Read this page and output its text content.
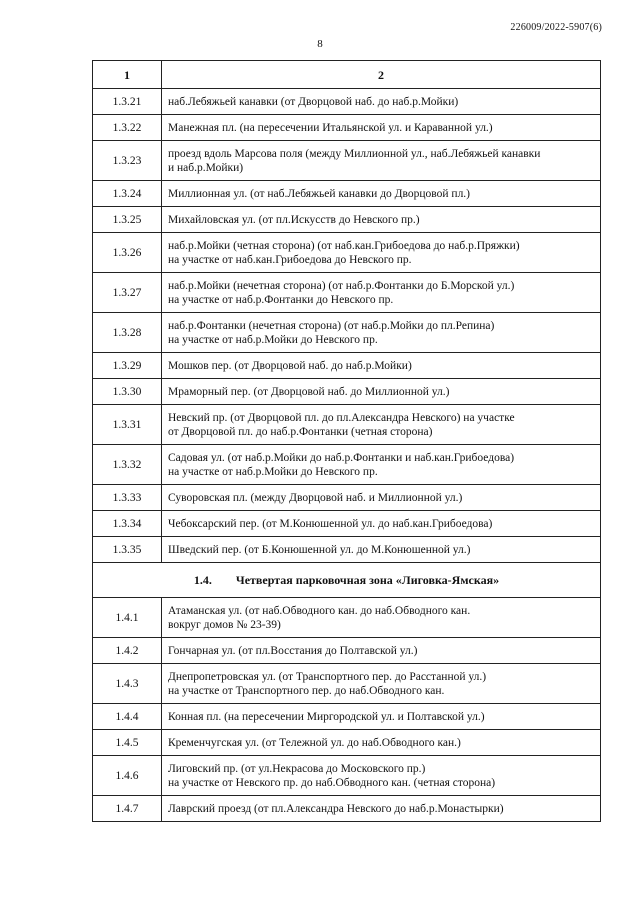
226009/2022-5907(6)
8
1	2
1.3.21	наб.Лебяжьей канавки (от Дворцовой наб. до наб.р.Мойки)

1.3.22	Манежная пл. (на пересечении Итальянской ул. и Караванной ул.)

1.3.23	проезд вдоль Марсова поля (между Миллионной ул., наб.Лебяжьей канавки
и наб.р.Мойки)

1.3.24	Миллионная ул. (от наб.Лебяжьей канавки до Дворцовой пл.)

1.3.25	Михайловская ул. (от пл.Искусств до Невского пр.)

1.3.26	наб.р.Мойки (четная сторона) (от наб.кан.Грибоедова до наб.р.Пряжки)
на участке от наб.кан.Грибоедова до Невского пр.

1.3.27	наб.р.Мойки (нечетная сторона) (от наб.р.Фонтанки до Б.Морской ул.)
на участке от наб.р.Фонтанки до Невского пр.

1.3.28	наб.р.Фонтанки (нечетная сторона) (от наб.р.Мойки до пл.Репина)
на участке от наб.р.Мойки до Невского пр.

1.3.29	Мошков пер. (от Дворцовой наб. до наб.р.Мойки)

1.3.30	Мраморный пер. (от Дворцовой наб. до Миллионной ул.)

1.3.31	Невский пр. (от Дворцовой пл. до пл.Александра Невского) на участке
от Дворцовой пл. до наб.р.Фонтанки (четная сторона)

1.3.32	Садовая ул. (от наб.р.Мойки до наб.р.Фонтанки и наб.кан.Грибоедова)
на участке от наб.р.Мойки до Невского пр.

1.3.33	Суворовская пл. (между Дворцовой наб. и Миллионной ул.)

1.3.34	Чебоксарский пер. (от М.Конюшенной ул. до наб.кан.Грибоедова)

1.3.35	Шведский пер. (от Б.Конюшенной ул. до М.Конюшенной ул.)

1.4. Четвертая парковочная зона «Лиговка-Ямская»	
1.4.1	Атаманская ул. (от наб.Обводного кан. до наб.Обводного кан.
вокруг домов № 23-39)

1.4.2	Гончарная ул. (от пл.Восстания до Полтавской ул.)

1.4.3	Днепропетровская ул. (от Транспортного пер. до Расстанной ул.)
на участке от Транспортного пер. до наб.Обводного кан.

1.4.4	Конная пл. (на пересечении Миргородской ул. и Полтавской ул.)

1.4.5	Кременчугская ул. (от Тележной ул. до наб.Обводного кан.)

1.4.6	Лиговский пр. (от ул.Некрасова до Московского пр.)
на участке от Невского пр. до наб.Обводного кан. (четная сторона)

1.4.7	Лаврский проезд (от пл.Александра Невского до наб.р.Монастырки)
